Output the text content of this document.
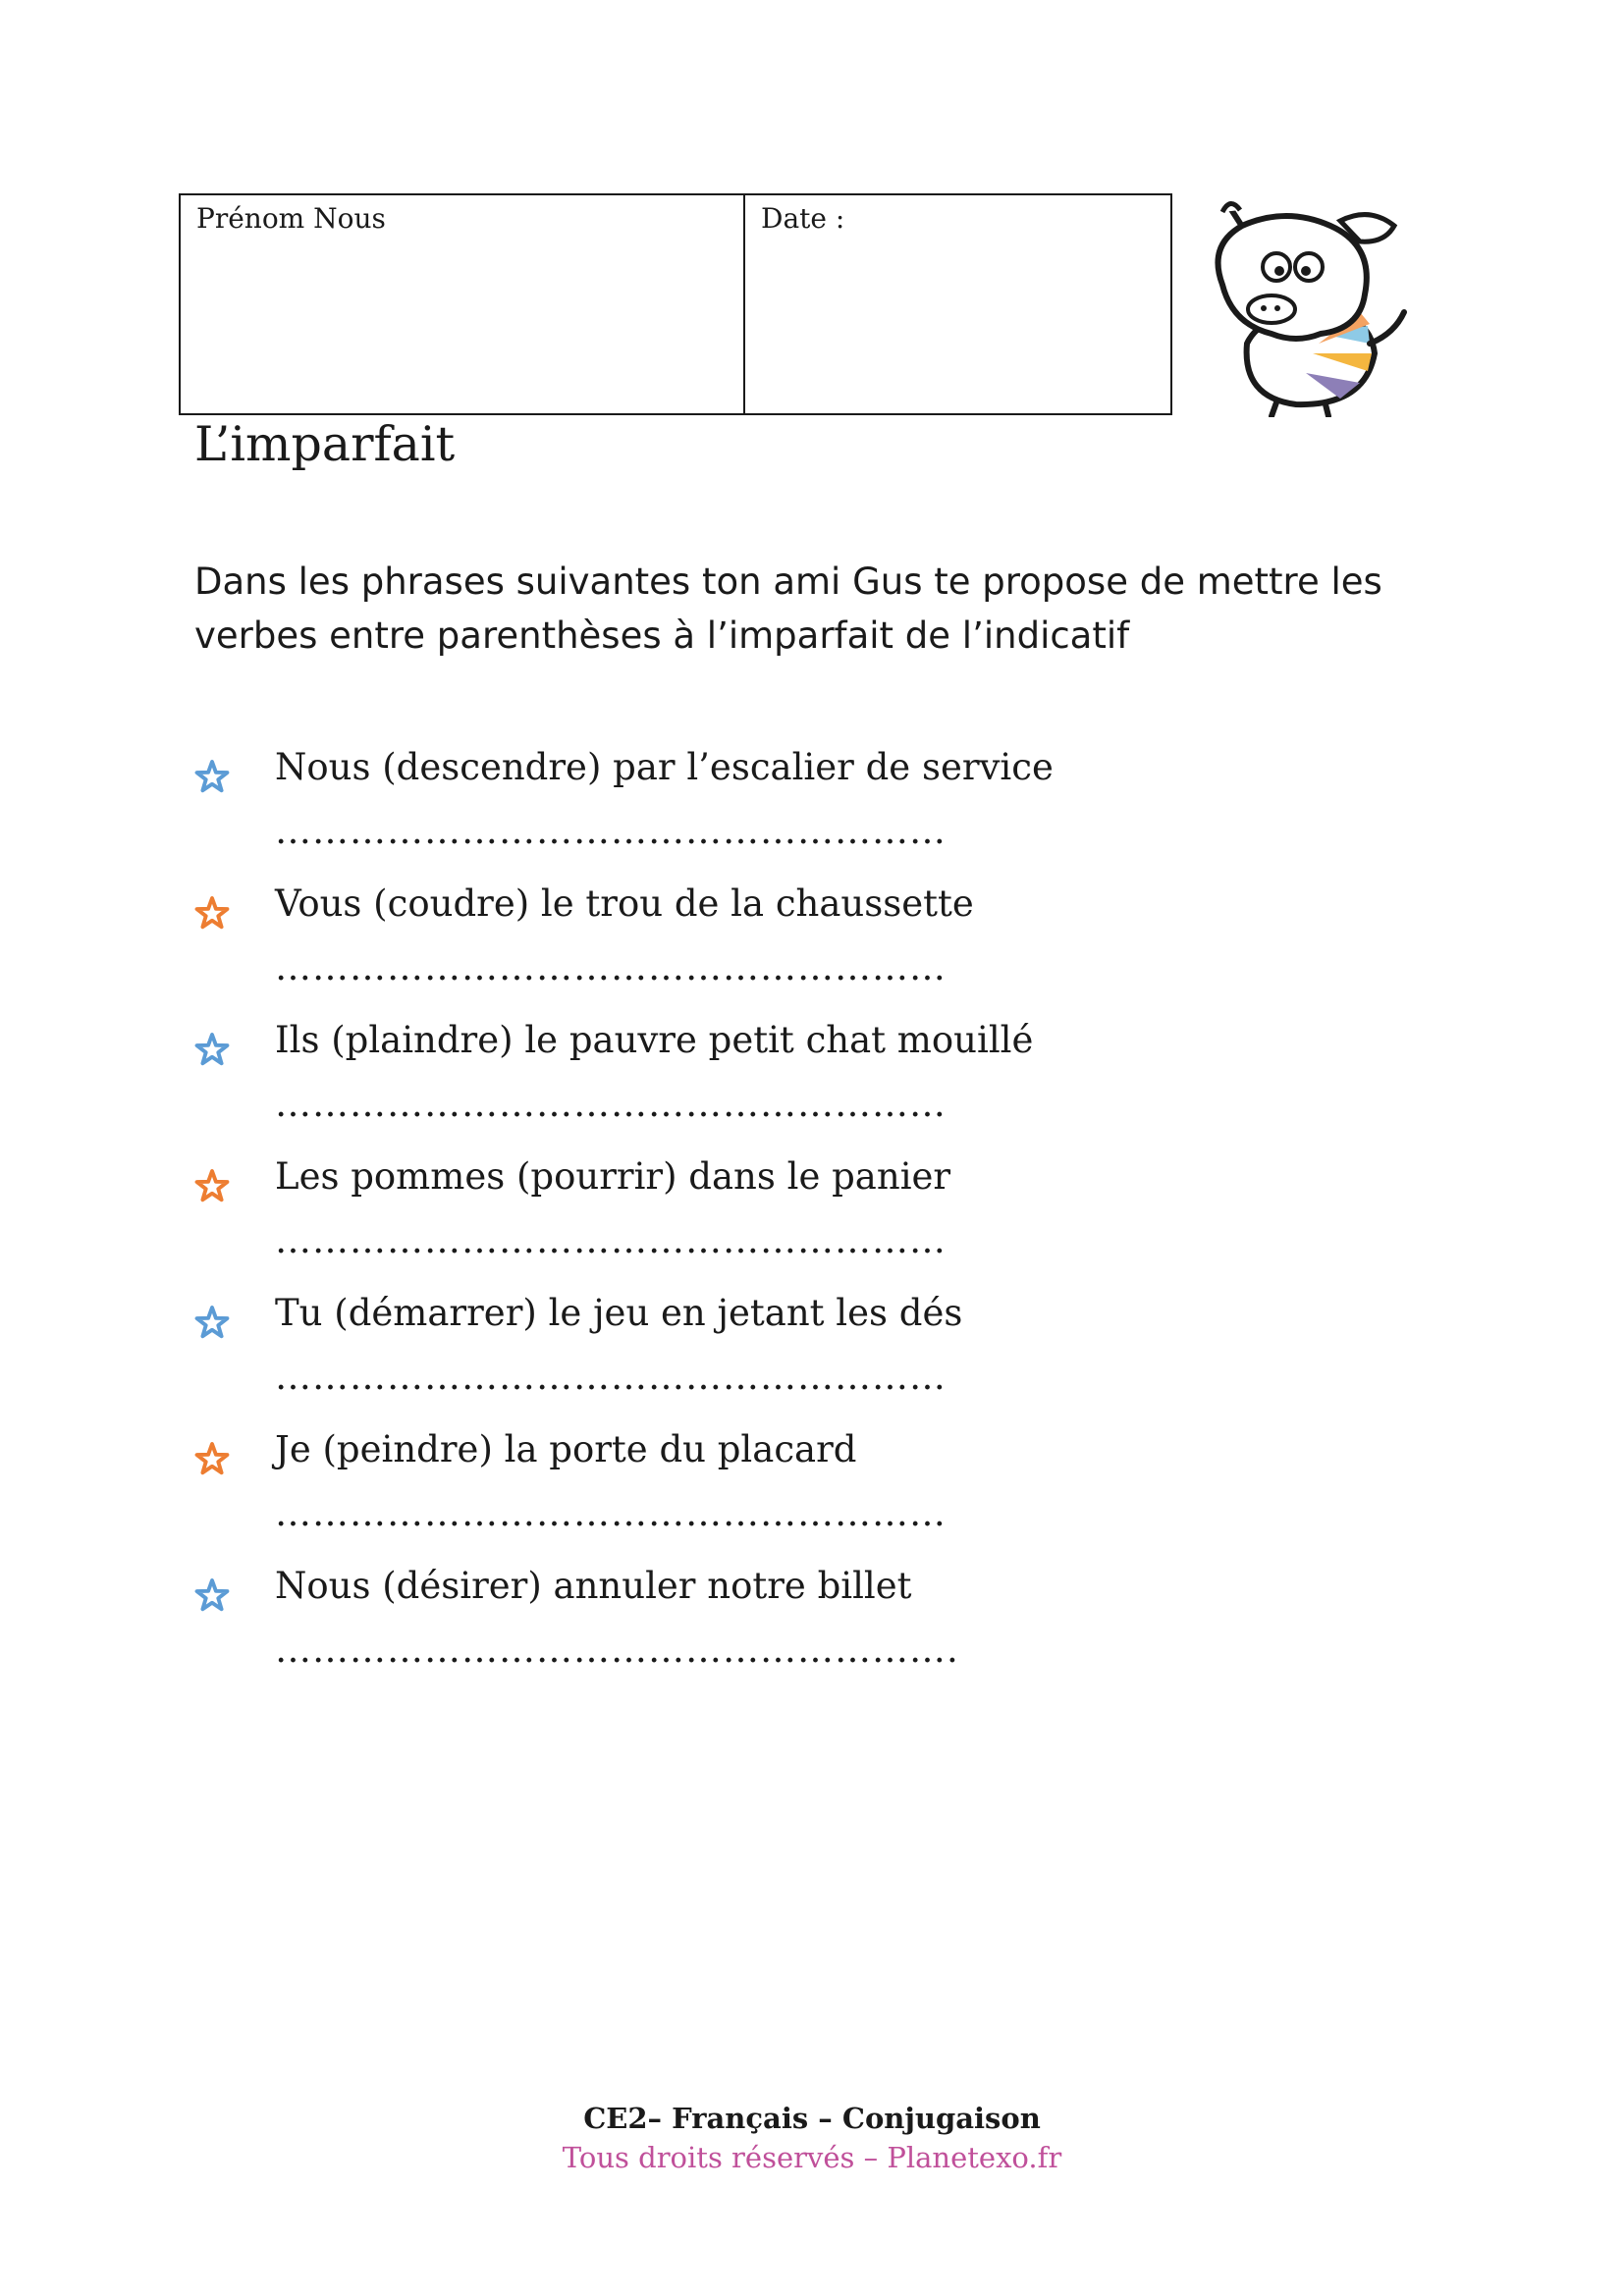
Prénom Nous	Date :
L’imparfait
Dans les phrases suivantes ton ami Gus te propose de mettre les verbes entre parenthèses à l’imparfait de l’indicatif
Nous (descendre) par l’escalier de service
………………………………………………
Vous (coudre) le trou de la chaussette
………………………………………………
Ils (plaindre) le pauvre petit chat mouillé
………………………………………………
Les pommes (pourrir) dans le panier
………………………………………………
Tu (démarrer) le jeu en jetant les dés
………………………………………………
Je (peindre) la porte du placard
………………………………………………
Nous (désirer) annuler notre billet
……………………………………………….
CE2– Français – Conjugaison
Tous droits réservés – Planetexo.fr
